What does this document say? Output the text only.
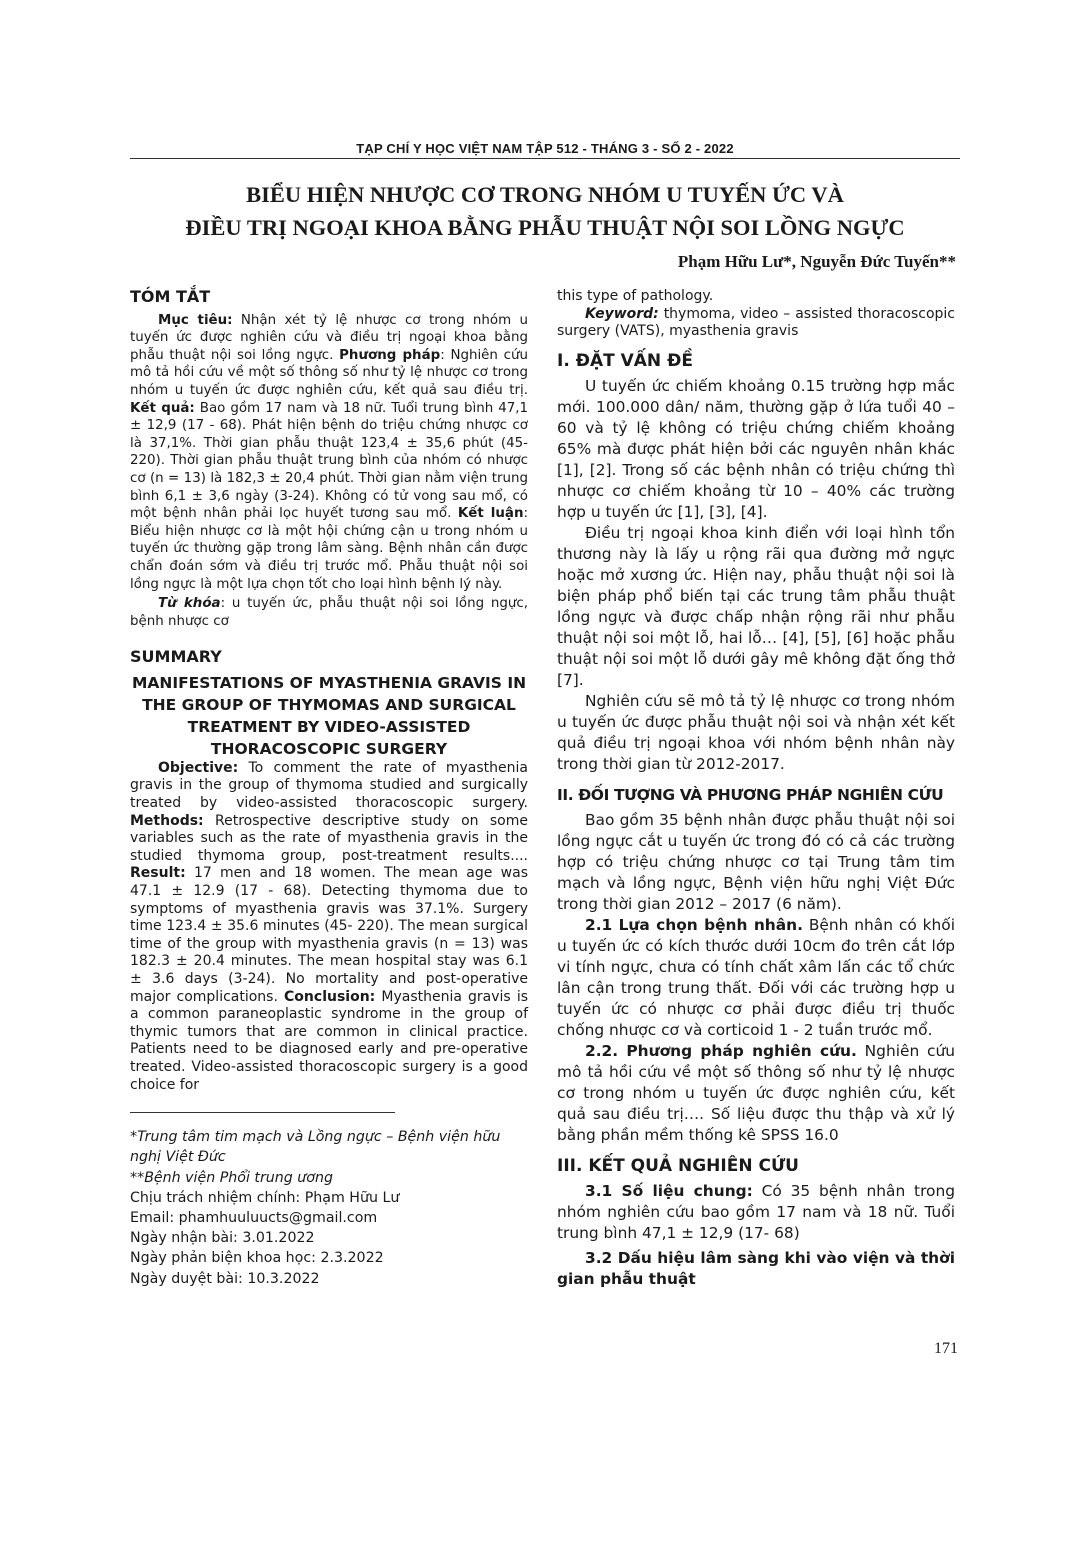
TẠP CHÍ Y HỌC VIỆT NAM TẬP 512 - THÁNG 3 - SỐ 2 - 2022
BIỂU HIỆN NHƯỢC CƠ TRONG NHÓM U TUYẾN ỨC VÀ
ĐIỀU TRỊ NGOẠI KHOA BẰNG PHẪU THUẬT NỘI SOI LỒNG NGỰC
Phạm Hữu Lư*, Nguyễn Đức Tuyến**
TÓM TẮT

Mục tiêu: Nhận xét tỷ lệ nhược cơ trong nhóm u tuyến ức được nghiên cứu và điều trị ngoại khoa bằng phẫu thuật nội soi lồng ngực. Phương pháp: Nghiên cứu mô tả hồi cứu về một số thông số như tỷ lệ nhược cơ trong nhóm u tuyến ức được nghiên cứu, kết quả sau điều trị. Kết quả: Bao gồm 17 nam và 18 nữ. Tuổi trung bình 47,1 ± 12,9 (17 - 68). Phát hiện bệnh do triệu chứng nhược cơ là 37,1%. Thời gian phẫu thuật 123,4 ± 35,6 phút (45- 220). Thời gian phẫu thuật trung bình của nhóm có nhược cơ (n = 13) là 182,3 ± 20,4 phút. Thời gian nằm viện trung bình 6,1 ± 3,6 ngày (3-24). Không có tử vong sau mổ, có một bệnh nhân phải lọc huyết tương sau mổ. Kết luận: Biểu hiện nhược cơ là một hội chứng cận u trong nhóm u tuyến ức thường gặp trong lâm sàng. Bệnh nhân cần được chẩn đoán sớm và điều trị trước mổ. Phẫu thuật nội soi lồng ngực là một lựa chọn tốt cho loại hình bệnh lý này.

Từ khóa: u tuyến ức, phẫu thuật nội soi lồng ngực, bệnh nhược cơ

SUMMARY
MANIFESTATIONS OF MYASTHENIA GRAVIS IN THE GROUP OF THYMOMAS AND SURGICAL TREATMENT BY VIDEO-ASSISTED THORACOSCOPIC SURGERY

Objective: To comment the rate of myasthenia gravis in the group of thymoma studied and surgically treated by video-assisted thoracoscopic surgery. Methods: Retrospective descriptive study on some variables such as the rate of myasthenia gravis in the studied thymoma group, post-treatment results.... Result: 17 men and 18 women. The mean age was 47.1 ± 12.9 (17 - 68). Detecting thymoma due to symptoms of myasthenia gravis was 37.1%. Surgery time 123.4 ± 35.6 minutes (45- 220). The mean surgical time of the group with myasthenia gravis (n = 13) was 182.3 ± 20.4 minutes. The mean hospital stay was 6.1 ± 3.6 days (3-24). No mortality and post-operative major complications. Conclusion: Myasthenia gravis is a common paraneoplastic syndrome in the group of thymic tumors that are common in clinical practice. Patients need to be diagnosed early and pre-operative treated. Video-assisted thoracoscopic surgery is a good choice for

*Trung tâm tim mạch và Lồng ngực – Bệnh viện hữu nghị Việt Đức
**Bệnh viện Phổi trung ương
Chịu trách nhiệm chính: Phạm Hữu Lư
Email: phamhuuluucts@gmail.com
Ngày nhận bài: 3.01.2022
Ngày phản biện khoa học: 2.3.2022
Ngày duyệt bài: 10.3.2022

this type of pathology.

Keyword: thymoma, video – assisted thoracoscopic surgery (VATS), myasthenia gravis

I. ĐẶT VẤN ĐỀ

U tuyến ức chiếm khoảng 0.15 trường hợp mắc mới. 100.000 dân/ năm, thường gặp ở lứa tuổi 40 – 60 và tỷ lệ không có triệu chứng chiếm khoảng 65% mà được phát hiện bởi các nguyên nhân khác [1], [2]. Trong số các bệnh nhân có triệu chứng thì nhược cơ chiếm khoảng từ 10 – 40% các trường hợp u tuyến ức [1], [3], [4].

Điều trị ngoại khoa kinh điển với loại hình tổn thương này là lấy u rộng rãi qua đường mở ngực hoặc mở xương ức. Hiện nay, phẫu thuật nội soi là biện pháp phổ biến tại các trung tâm phẫu thuật lồng ngực và được chấp nhận rộng rãi như phẫu thuật nội soi một lỗ, hai lỗ… [4], [5], [6] hoặc phẫu thuật nội soi một lỗ dưới gây mê không đặt ống thở [7].

Nghiên cứu sẽ mô tả tỷ lệ nhược cơ trong nhóm u tuyến ức được phẫu thuật nội soi và nhận xét kết quả điều trị ngoại khoa với nhóm bệnh nhân này trong thời gian từ 2012-2017.

II. ĐỐI TƯỢNG VÀ PHƯƠNG PHÁP NGHIÊN CỨU

Bao gồm 35 bệnh nhân được phẫu thuật nội soi lồng ngực cắt u tuyến ức trong đó có cả các trường hợp có triệu chứng nhược cơ tại Trung tâm tim mạch và lồng ngực, Bệnh viện hữu nghị Việt Đức trong thời gian 2012 – 2017 (6 năm).

2.1 Lựa chọn bệnh nhân. Bệnh nhân có khối u tuyến ức có kích thước dưới 10cm đo trên cắt lớp vi tính ngực, chưa có tính chất xâm lấn các tổ chức lân cận trong trung thất. Đối với các trường hợp u tuyến ức có nhược cơ phải được điều trị thuốc chống nhược cơ và corticoid 1 - 2 tuần trước mổ.

2.2. Phương pháp nghiên cứu. Nghiên cứu mô tả hồi cứu về một số thông số như tỷ lệ nhược cơ trong nhóm u tuyến ức được nghiên cứu, kết quả sau điều trị…. Số liệu được thu thập và xử lý bằng phần mềm thống kê SPSS 16.0

III. KẾT QUẢ NGHIÊN CỨU

3.1 Số liệu chung: Có 35 bệnh nhân trong nhóm nghiên cứu bao gồm 17 nam và 18 nữ. Tuổi trung bình 47,1 ± 12,9 (17- 68)

3.2 Dấu hiệu lâm sàng khi vào viện và thời gian phẫu thuật

171
